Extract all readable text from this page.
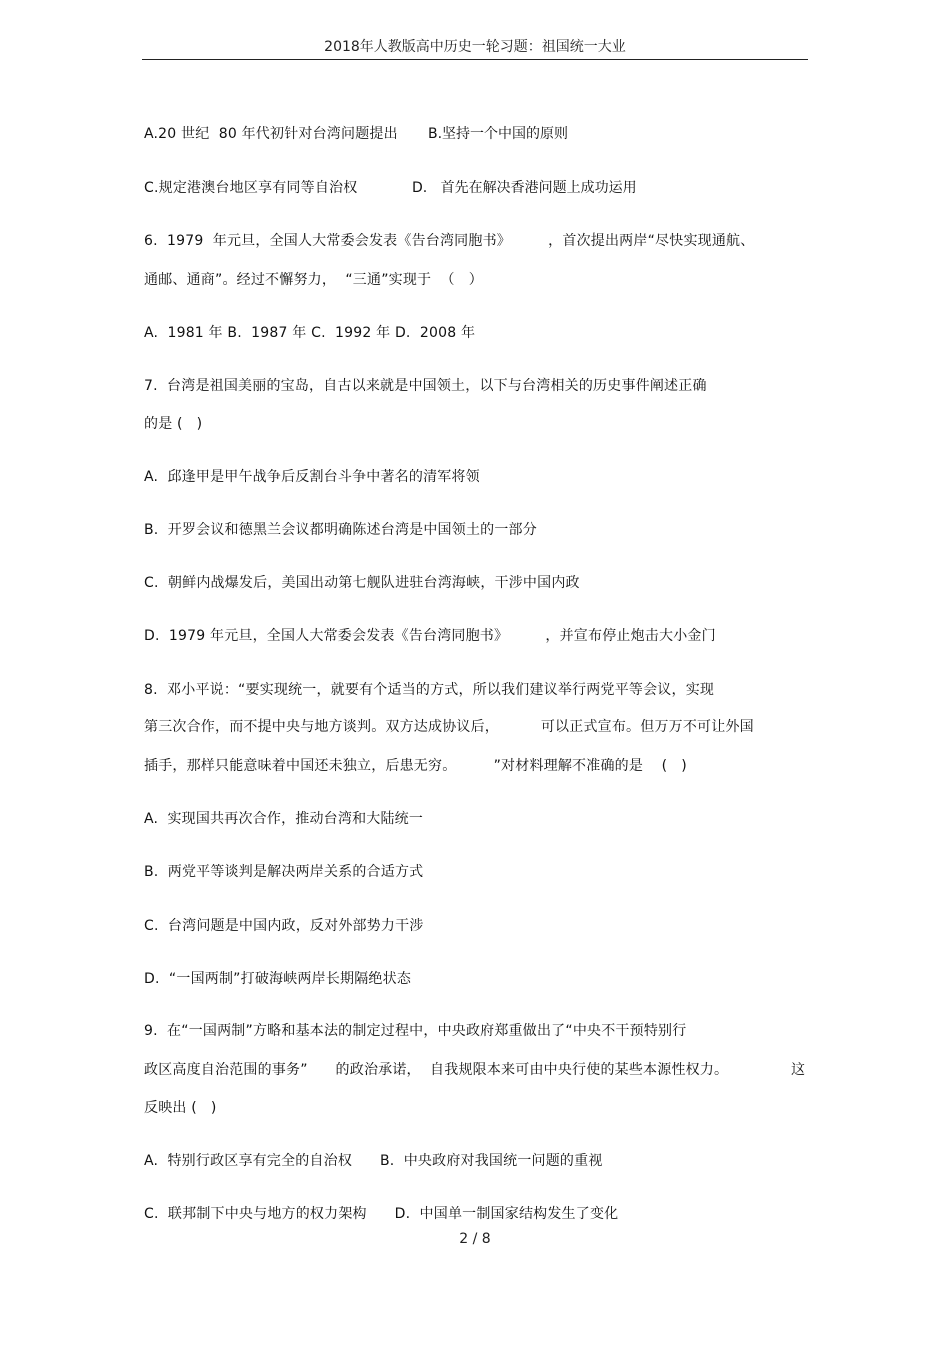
2018年人教版高中历史一轮习题：祖国统一大业
A.20 世纪  80 年代初针对台湾问题提出 B.坚持一个中国的原则
C.规定港澳台地区享有同等自治权	D.   首先在解决香港问题上成功运用
6.  1979  年元旦，全国人大常委会发表《告台湾同胞书》        ，首次提出两岸“尽快实现通航、
通邮、通商”。经过不懈努力，  “三通”实现于  （   ）
A.  1981 年 B.  1987 年 C.  1992 年 D.  2008 年
7.  台湾是祖国美丽的宝岛，自古以来就是中国领土，以下与台湾相关的历史事件阐述正确
的是 (   )
A.  邱逢甲是甲午战争后反割台斗争中著名的清军将领
B.  开罗会议和德黑兰会议都明确陈述台湾是中国领土的一部分
C.  朝鲜内战爆发后，美国出动第七舰队进驻台湾海峡，干涉中国内政
D.  1979 年元旦，全国人大常委会发表《告台湾同胞书》        ，并宣布停止炮击大小金门
8.  邓小平说：“要实现统一，就要有个适当的方式，所以我们建议举行两党平等会议，实现
第三次合作，而不提中央与地方谈判。双方达成协议后，         可以正式宣布。但万万不可让外国
插手，那样只能意味着中国还未独立，后患无穷。        ”对材料理解不准确的是    (   )
A.  实现国共再次合作，推动台湾和大陆统一
B.  两党平等谈判是解决两岸关系的合适方式
C.  台湾问题是中国内政，反对外部势力干涉
D.  “一国两制”打破海峡两岸长期隔绝状态
9.  在“一国两制”方略和基本法的制定过程中，中央政府郑重做出了“中央不干预特别行
政区高度自治范围的事务”      的政治承诺，  自我规限本来可由中央行使的某些本源性权力。	这
反映出 (   )
A.  特别行政区享有完全的自治权      B.  中央政府对我国统一问题的重视
C.  联邦制下中央与地方的权力架构      D.  中国单一制国家结构发生了变化
2 / 8
